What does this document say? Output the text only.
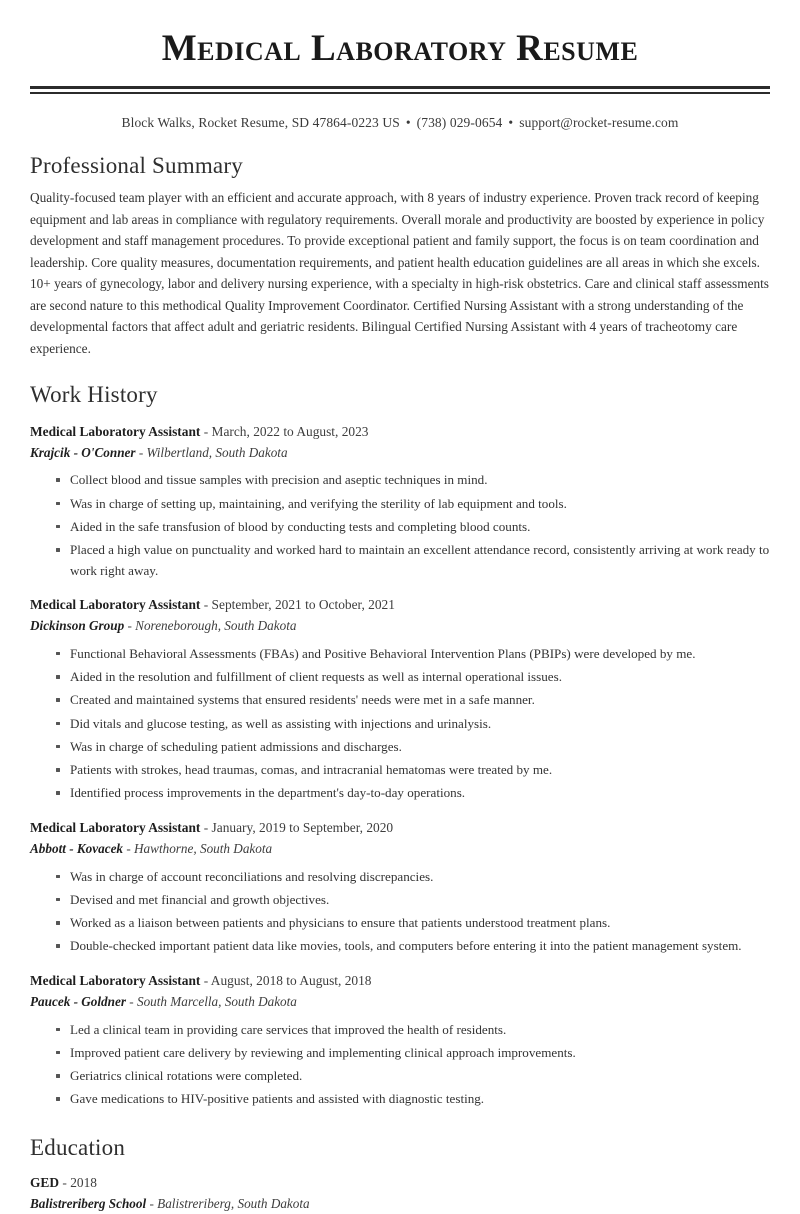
Medical Laboratory Resume
Block Walks, Rocket Resume, SD 47864-0223 US • (738) 029-0654 • support@rocket-resume.com
Professional Summary

Quality-focused team player with an efficient and accurate approach, with 8 years of industry experience. Proven track record of keeping equipment and lab areas in compliance with regulatory requirements. Overall morale and productivity are boosted by experience in policy development and staff management procedures. To provide exceptional patient and family support, the focus is on team coordination and leadership. Core quality measures, documentation requirements, and patient health education guidelines are all areas in which she excels. 10+ years of gynecology, labor and delivery nursing experience, with a specialty in high-risk obstetrics. Care and clinical staff assessments are second nature to this methodical Quality Improvement Coordinator. Certified Nursing Assistant with a strong understanding of the developmental factors that affect adult and geriatric residents. Bilingual Certified Nursing Assistant with 4 years of tracheotomy care experience.

Work History
Medical Laboratory Assistant - March, 2022 to August, 2023
Krajcik - O'Conner - Wilbertland, South Dakota
Collect blood and tissue samples with precision and aseptic techniques in mind.
Was in charge of setting up, maintaining, and verifying the sterility of lab equipment and tools.
Aided in the safe transfusion of blood by conducting tests and completing blood counts.
Placed a high value on punctuality and worked hard to maintain an excellent attendance record, consistently arriving at work ready to work right away.
Medical Laboratory Assistant - September, 2021 to October, 2021
Dickinson Group - Noreneborough, South Dakota
Functional Behavioral Assessments (FBAs) and Positive Behavioral Intervention Plans (PBIPs) were developed by me.
Aided in the resolution and fulfillment of client requests as well as internal operational issues.
Created and maintained systems that ensured residents' needs were met in a safe manner.
Did vitals and glucose testing, as well as assisting with injections and urinalysis.
Was in charge of scheduling patient admissions and discharges.
Patients with strokes, head traumas, comas, and intracranial hematomas were treated by me.
Identified process improvements in the department's day-to-day operations.
Medical Laboratory Assistant - January, 2019 to September, 2020
Abbott - Kovacek - Hawthorne, South Dakota
Was in charge of account reconciliations and resolving discrepancies.
Devised and met financial and growth objectives.
Worked as a liaison between patients and physicians to ensure that patients understood treatment plans.
Double-checked important patient data like movies, tools, and computers before entering it into the patient management system.
Medical Laboratory Assistant - August, 2018 to August, 2018
Paucek - Goldner - South Marcella, South Dakota
Led a clinical team in providing care services that improved the health of residents.
Improved patient care delivery by reviewing and implementing clinical approach improvements.
Geriatrics clinical rotations were completed.
Gave medications to HIV-positive patients and assisted with diagnostic testing.
Education
GED - 2018
Balistreriberg School - Balistreriberg, South Dakota
